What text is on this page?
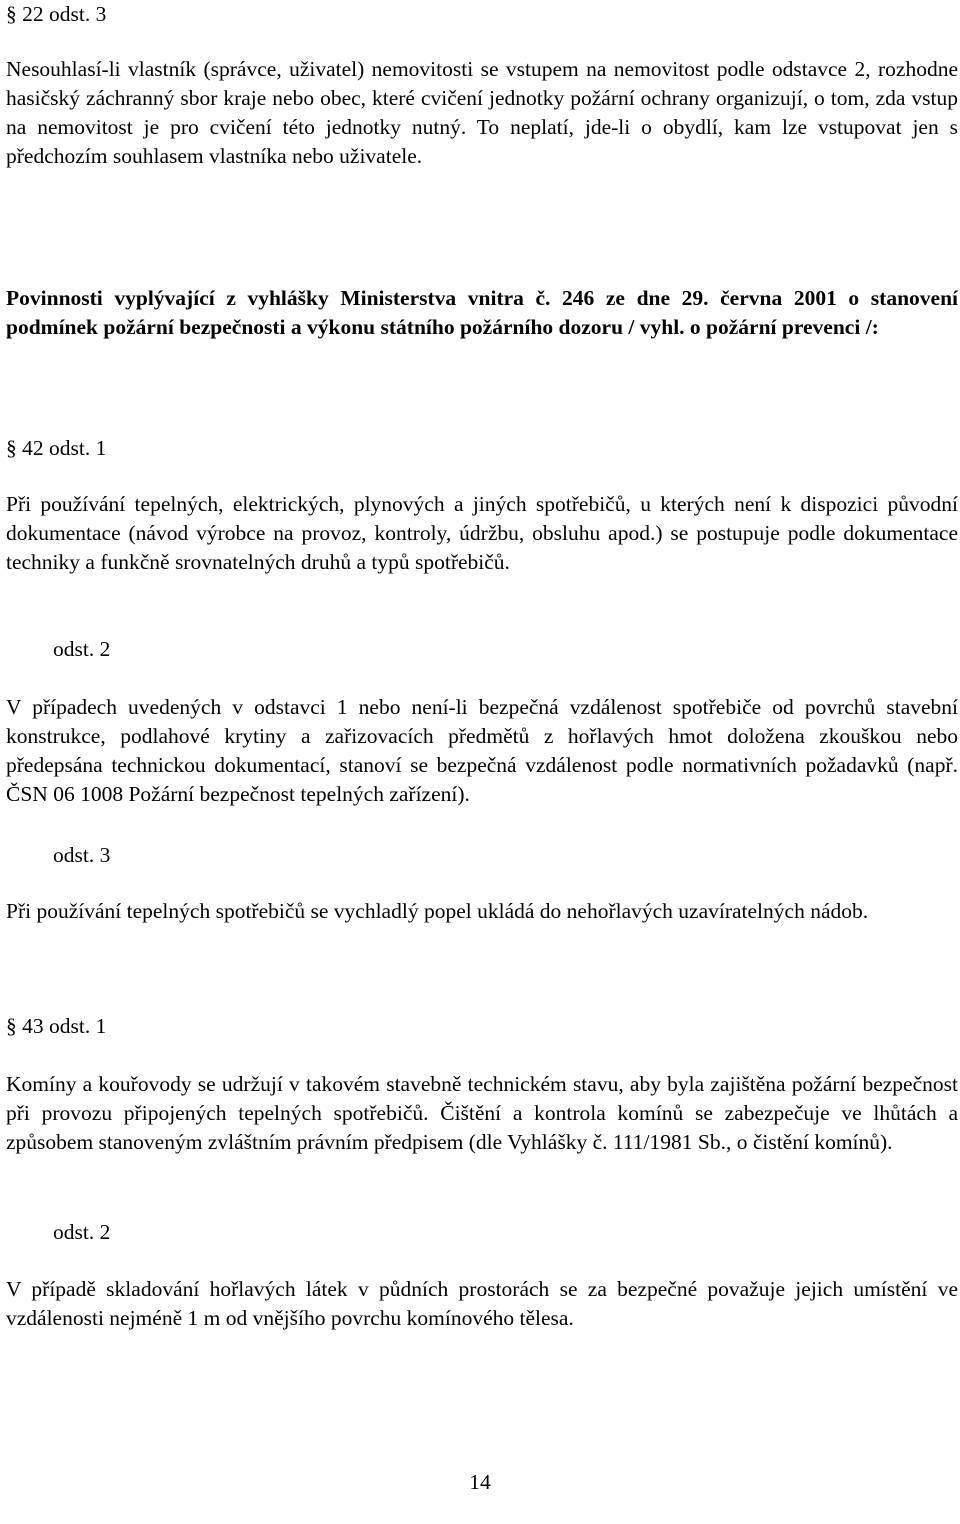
§ 22 odst. 3

Nesouhlasí-li vlastník (správce, uživatel) nemovitosti se vstupem na nemovitost podle odstavce 2, rozhodne hasičský záchranný sbor kraje nebo obec, které cvičení jednotky požární ochrany organizují, o tom, zda vstup na nemovitost je pro cvičení této jednotky nutný. To neplatí, jde-li o obydlí, kam lze vstupovat jen s předchozím souhlasem vlastníka nebo uživatele.

Povinnosti vyplývající z vyhlášky Ministerstva vnitra č. 246 ze dne 29. června 2001 o stanovení podmínek požární bezpečnosti a výkonu státního požárního dozoru / vyhl. o požární prevenci /:

§ 42 odst. 1

Při používání tepelných, elektrických, plynových a jiných spotřebičů, u kterých není k dispozici původní dokumentace (návod výrobce na provoz, kontroly, údržbu, obsluhu apod.) se postupuje podle dokumentace techniky a funkčně srovnatelných druhů a typů spotřebičů.

odst. 2

V případech uvedených v odstavci 1 nebo není-li bezpečná vzdálenost spotřebiče od povrchů stavební konstrukce, podlahové krytiny a zařizovacích předmětů z hořlavých hmot doložena zkouškou nebo předepsána technickou dokumentací, stanoví se bezpečná vzdálenost podle normativních požadavků (např. ČSN 06 1008 Požární bezpečnost tepelných zařízení).

odst. 3

Při používání tepelných spotřebičů se vychladlý popel ukládá do nehořlavých uzavíratelných nádob.

§ 43 odst. 1

Komíny a kouřovody se udržují v takovém stavebně technickém stavu, aby byla zajištěna požární bezpečnost při provozu připojených tepelných spotřebičů. Čištění a kontrola komínů se zabezpečuje ve lhůtách a způsobem stanoveným zvláštním právním předpisem (dle Vyhlášky č. 111/1981 Sb., o čistění komínů).

odst. 2

V případě skladování hořlavých látek v půdních prostorách se za bezpečné považuje jejich umístění ve vzdálenosti nejméně 1 m od vnějšího povrchu komínového tělesa.

14
